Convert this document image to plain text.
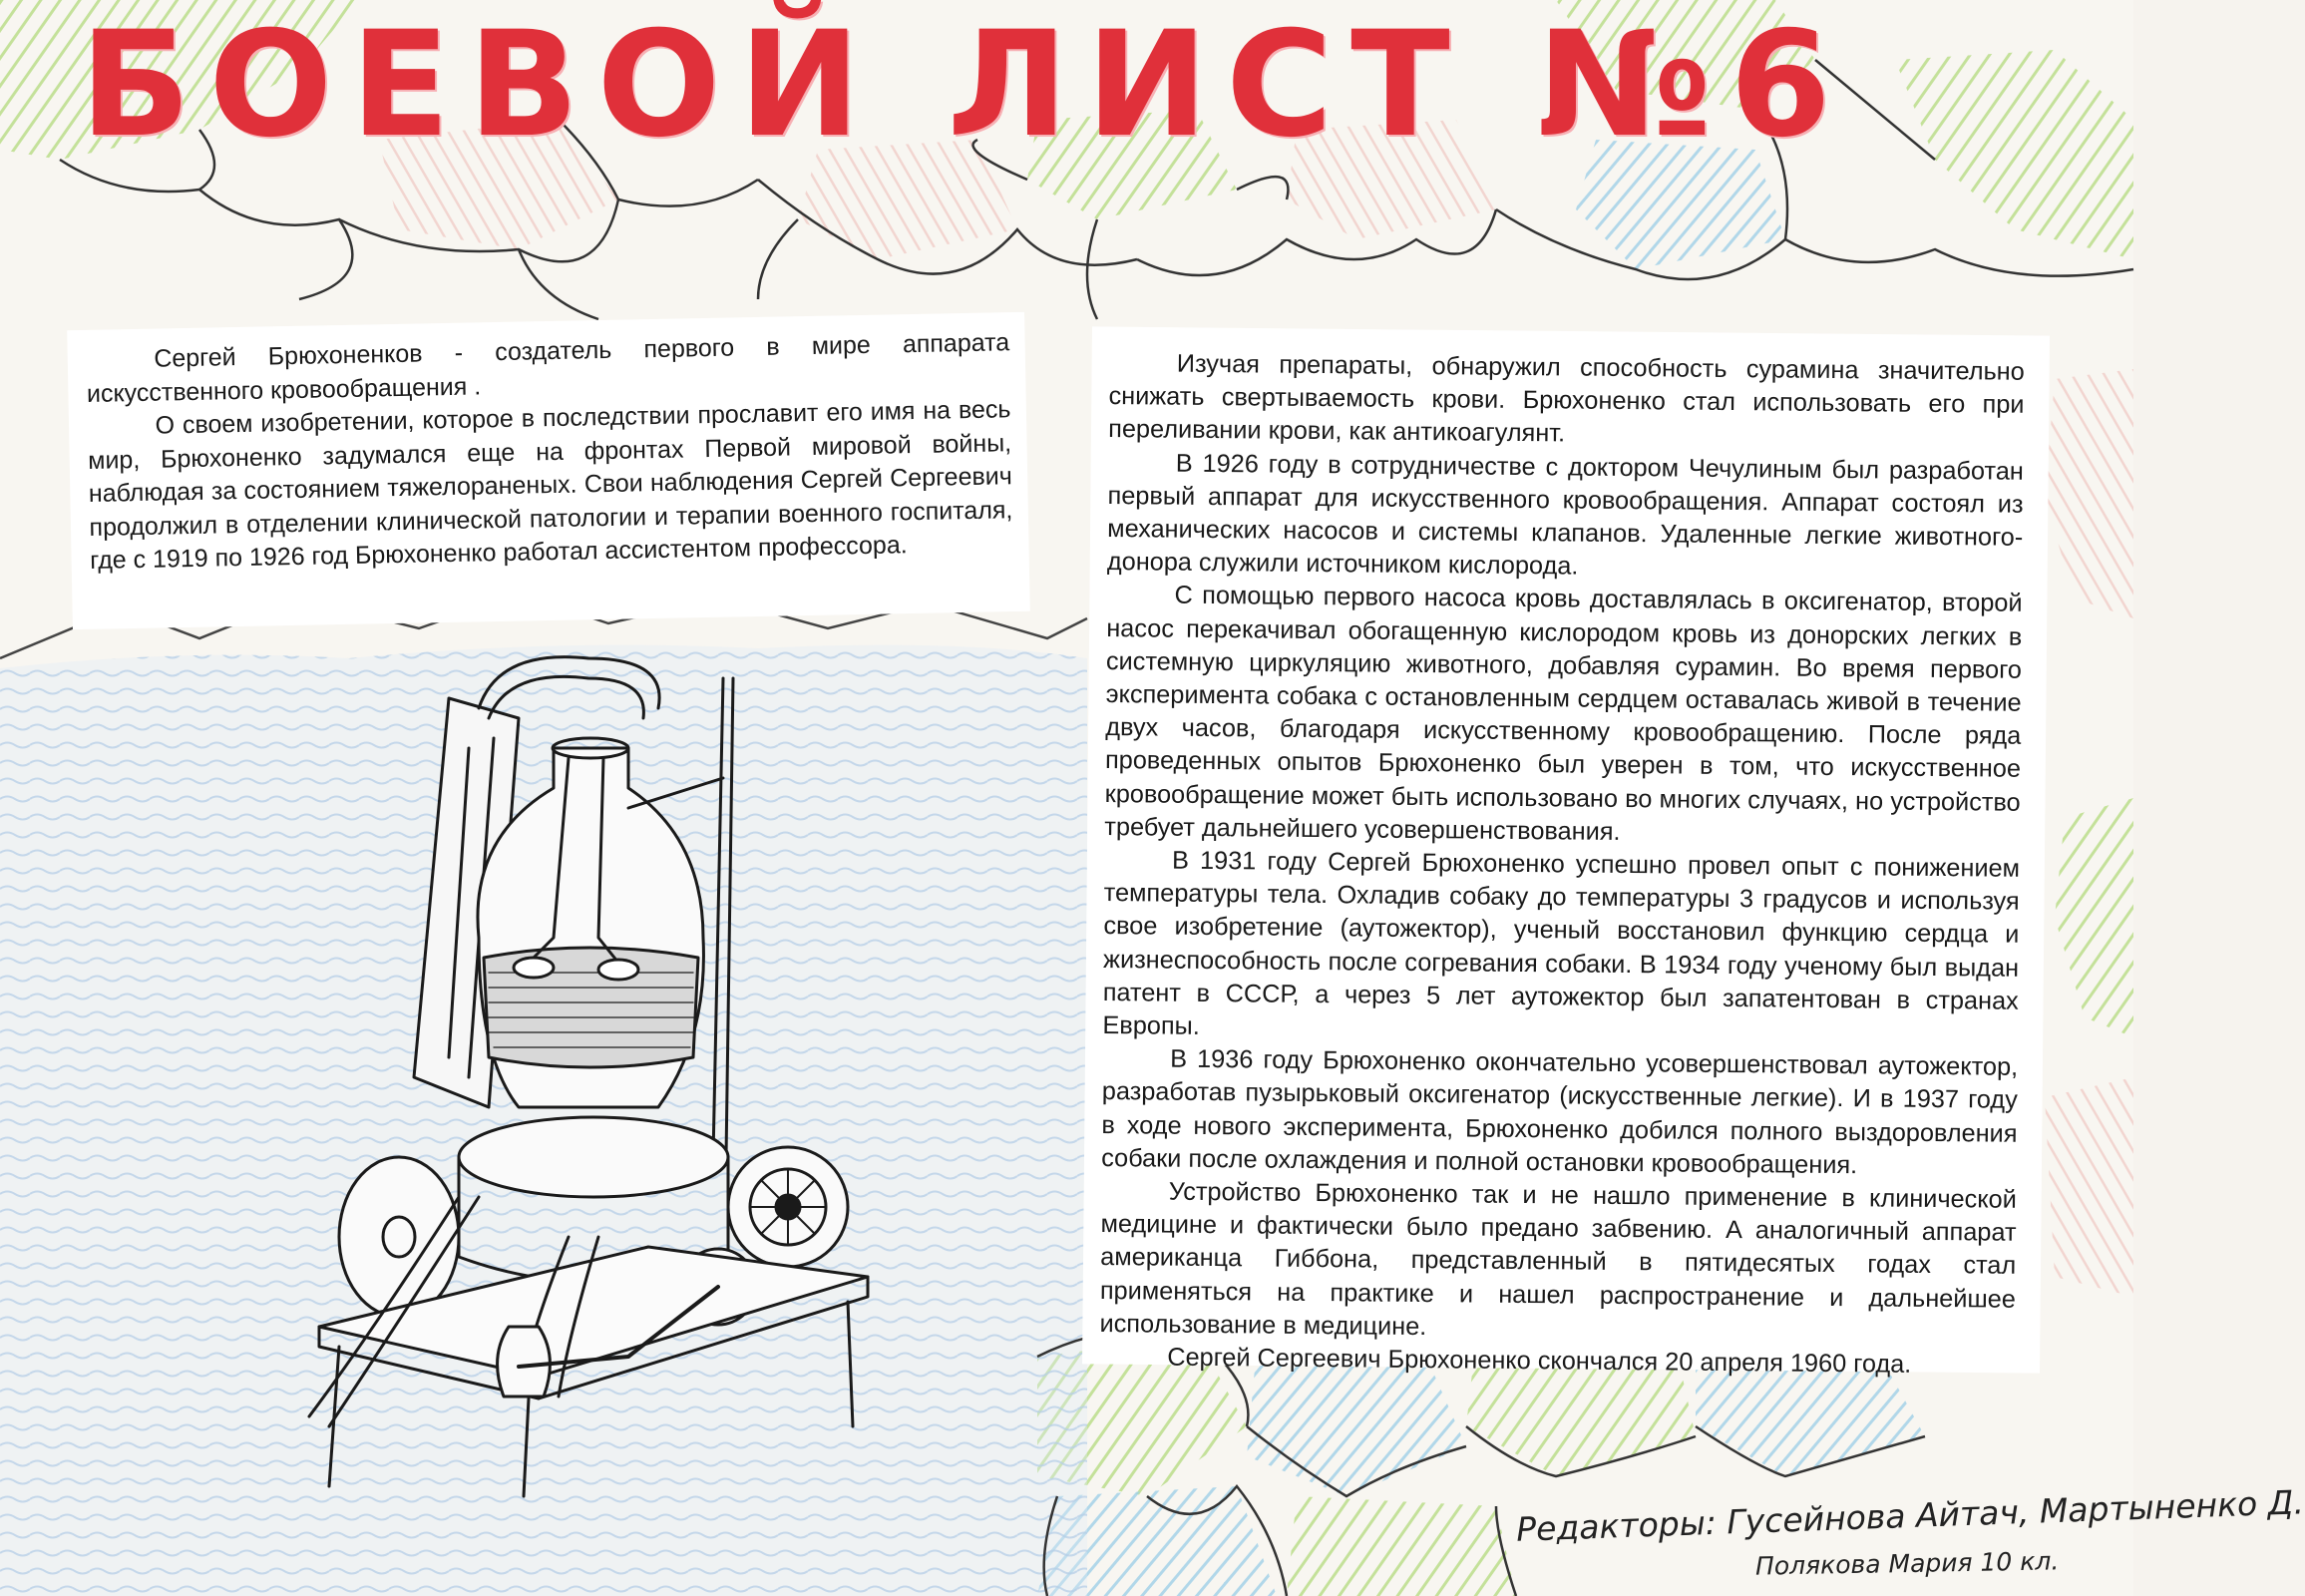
БОЕВОЙ ЛИСТ №6

Сергей Брюхоненков - создатель первого в мире аппарата искусственного кровообращения .

О своем изобретении, которое в последствии прославит его имя на весь мир, Брюхоненко задумался еще на фронтах Первой мировой войны, наблюдая за состоянием тяжелораненых. Свои наблюдения Сергей Сергеевич продолжил в отделении клинической патологии и терапии военного госпиталя, где с 1919 по 1926 год Брюхоненко работал ассистентом профессора.

Изучая препараты, обнаружил способность сурамина значительно снижать свертываемость крови. Брюхоненко стал использовать его при переливании крови, как антикоагулянт.

В 1926 году в сотрудничестве с доктором Чечулиным был разработан первый аппарат для искусственного кровообращения. Аппарат состоял из механических насосов и системы клапанов. Удаленные легкие животного-донора служили источником кислорода.

С помощью первого насоса кровь доставлялась в оксигенатор, второй насос перекачивал обогащенную кислородом кровь из донорских легких в системную циркуляцию животного, добавляя сурамин. Во время первого эксперимента собака с остановленным сердцем оставалась живой в течение двух часов, благодаря искусственному кровообращению. После ряда проведенных опытов Брюхоненко был уверен в том, что искусственное кровообращение может быть использовано во многих случаях, но устройство требует дальнейшего усовершенствования.

В 1931 году Сергей Брюхоненко успешно провел опыт с понижением температуры тела. Охладив собаку до температуры 3 градусов и используя свое изобретение (аутожектор), ученый восстановил функцию сердца и жизнеспособность после согревания собаки. В 1934 году ученому был выдан патент в СССР, а через 5 лет аутожектор был запатентован в странах Европы.

В 1936 году Брюхоненко окончательно усовершенствовал аутожектор, разработав пузырьковый оксигенатор (искусственные легкие). И в 1937 году в ходе нового эксперимента, Брюхоненко добился полного выздоровления собаки после охлаждения и полной остановки кровообращения.

Устройство Брюхоненко так и не нашло применение в клинической медицине и фактически было предано забвению. А аналогичный аппарат американца Гиббона, представленный в пятидесятых годах стал применяться на практике и нашел распространение и дальнейшее использование в медицине.

Сергей Сергеевич Брюхоненко скончался 20 апреля 1960 года.

Редакторы: Гусейнова Айтач, Мартыненко Д.
Полякова Мария 10 кл.
